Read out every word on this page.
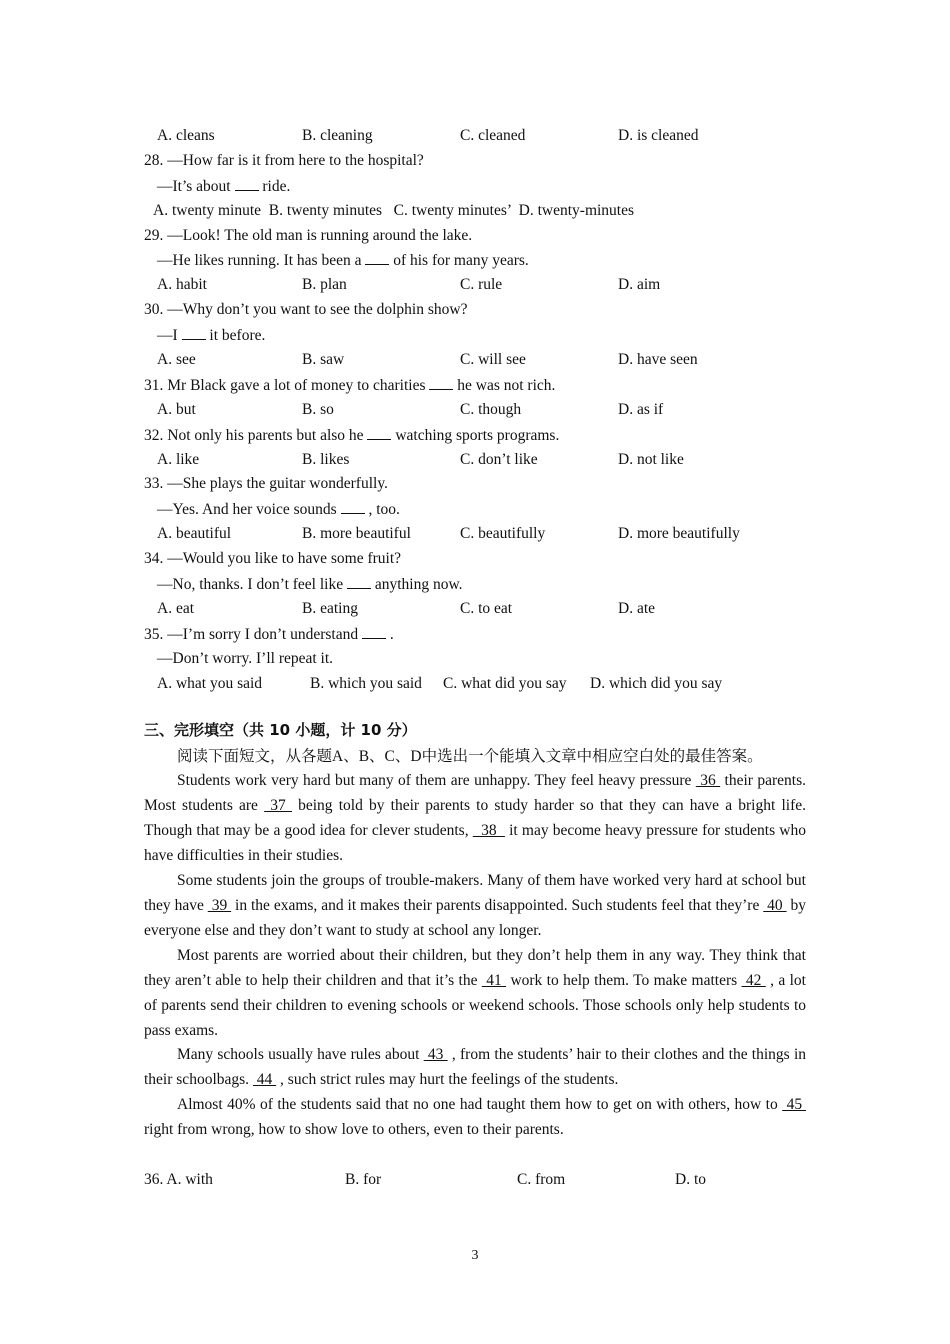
A. cleans	B. cleaning	C. cleaned	D. is cleaned
28. —How far is it from here to the hospital?
—It’s about ride.
A. twenty minute  B. twenty minutes   C. twenty minutes’  D. twenty-minutes
29. —Look! The old man is running around the lake.
—He likes running. It has been a of his for many years.
A. habit	B. plan	C. rule	D. aim
30. —Why don’t you want to see the dolphin show?
—I it before.
A. see	B. saw	C. will see	D. have seen
31. Mr Black gave a lot of money to charities he was not rich.
A. but	B. so	C. though	D. as if
32. Not only his parents but also he watching sports programs.
A. like	B. likes	C. don’t like	D. not like
33. —She plays the guitar wonderfully.
—Yes. And her voice sounds , too.
A. beautiful	B. more beautiful	C. beautifully	D. more beautifully
34. —Would you like to have some fruit?
—No, thanks. I don’t feel like anything now.
A. eat	B. eating	C. to eat	D. ate
35. —I’m sorry I don’t understand .
—Don’t worry. I’ll repeat it.
A. what you said	B. which you said C. what did you say D. which did you say
三、完形填空（共 10 小题，计 10 分）
阅读下面短文，从各题A、B、C、D中选出一个能填入文章中相应空白处的最佳答案。

Students work very hard but many of them are unhappy. They feel heavy pressure  36  their parents. Most students are  37  being told by their parents to study harder so that they can have a bright life. Though that may be a good idea for clever students,   38   it may become heavy pressure for students who have difficulties in their studies.

Some students join the groups of trouble-makers. Many of them have worked very hard at school but they have  39  in the exams, and it makes their parents disappointed. Such students feel that they’re  40  by everyone else and they don’t want to study at school any longer.

Most parents are worried about their children, but they don’t help them in any way. They think that they aren’t able to help their children and that it’s the  41  work to help them. To make matters  42  , a lot of parents send their children to evening schools or weekend schools. Those schools only help students to pass exams.

Many schools usually have rules about  43  , from the students’ hair to their clothes and the things in their schoolbags.  44  , such strict rules may hurt the feelings of the students.

Almost 40% of the students said that no one had taught them how to get on with others, how to  45  right from wrong, how to show love to others, even to their parents.

36. A. with	B. for	C. from	D. to
3
